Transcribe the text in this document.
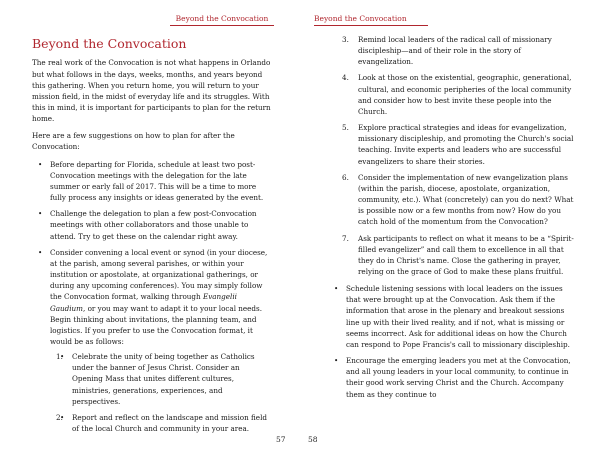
Beyond the Convocation
Beyond the Convocation

The real work of the Convocation is not what happens in Orlando but what follows in the days, weeks, months, and years beyond this gathering. When you return home, you will return to your mission field, in the midst of everyday life and its struggles. With this in mind, it is important for participants to plan for the return home.

Here are a few suggestions on how to plan for after the Convocation:

• Before departing for Florida, schedule at least two post-Convocation meetings with the delegation for the late summer or early fall of 2017. This will be a time to more fully process any insights or ideas generated by the event.
• Challenge the delegation to plan a few post-Convocation meetings with other collaborators and those unable to attend. Try to get these on the calendar right away.
• Consider convening a local event or synod (in your diocese, at the parish, among several parishes, or within your institution or apostolate, at organizational gatherings, or during any upcoming conferences). You may simply follow the Convocation format, walking through Evangelii Gaudium, or you may want to adapt it to your local needs. Begin thinking about invitations, the planning team, and logistics. If you prefer to use the Convocation format, it would be as follows:
• 1. Celebrate the unity of being together as Catholics under the banner of Jesus Christ. Consider an Opening Mass that unites different cultures, ministries, generations, experiences, and perspectives.
• 2. Report and reflect on the landscape and mission field of the local Church and community in your area.
57
Beyond the Convocation
3. Remind local leaders of the radical call of missionary discipleship—and of their role in the story of evangelization.
4. Look at those on the existential, geographic, generational, cultural, and economic peripheries of the local community and consider how to best invite these people into the Church.
5. Explore practical strategies and ideas for evangelization, missionary discipleship, and promoting the Church's social teaching. Invite experts and leaders who are successful evangelizers to share their stories.
6. Consider the implementation of new evangelization plans (within the parish, diocese, apostolate, organization, community, etc.). What (concretely) can you do next? What is possible now or a few months from now? How do you catch hold of the momentum from the Convocation?
7. Ask participants to reflect on what it means to be a “Spirit-filled evangelizer” and call them to excellence in all that they do in Christ's name. Close the gathering in prayer, relying on the grace of God to make these plans fruitful.
• Schedule listening sessions with local leaders on the issues that were brought up at the Convocation. Ask them if the information that arose in the plenary and breakout sessions line up with their lived reality, and if not, what is missing or seems incorrect. Ask for additional ideas on how the Church can respond to Pope Francis's call to missionary discipleship.
• Encourage the emerging leaders you met at the Convocation, and all young leaders in your local community, to continue in their good work serving Christ and the Church. Accompany them as they continue to
58
